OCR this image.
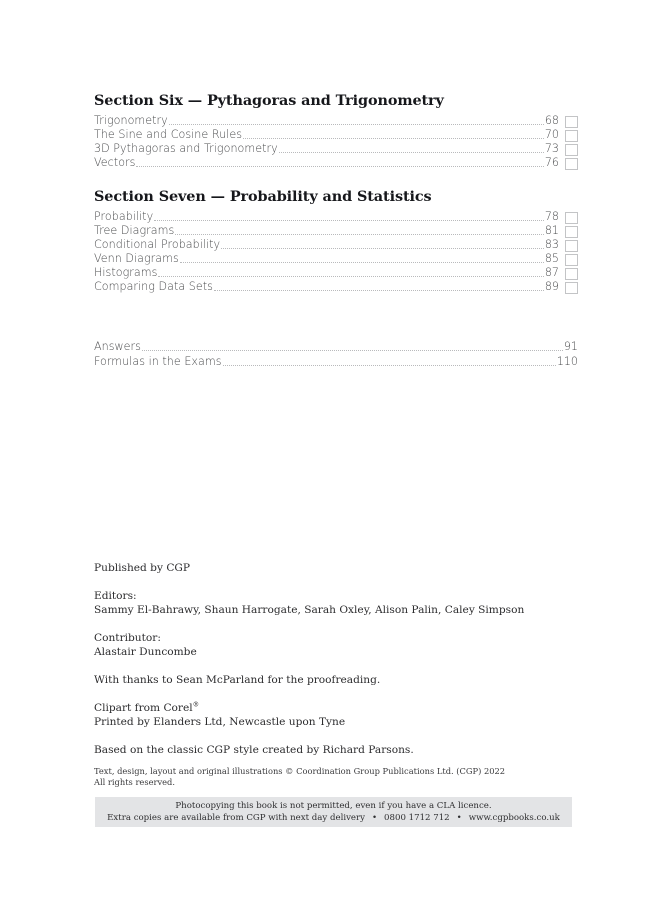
Section Six — Pythagoras and Trigonometry
Trigonometry	68
The Sine and Cosine Rules	70
3D Pythagoras and Trigonometry	73
Vectors	76
Section Seven — Probability and Statistics
Probability	78
Tree Diagrams	81
Conditional Probability	83
Venn Diagrams	85
Histograms	87
Comparing Data Sets	89
Answers	91
Formulas in the Exams	110

Published by CGP

Editors:

Sammy El-Bahrawy, Shaun Harrogate, Sarah Oxley, Alison Palin, Caley Simpson

Contributor:

Alastair Duncombe

With thanks to Sean McParland for the proofreading.

Clipart from Corel®

Printed by Elanders Ltd, Newcastle upon Tyne

Based on the classic CGP style created by Richard Parsons.

Text, design, layout and original illustrations © Coordination Group Publications Ltd. (CGP) 2022

All rights reserved.

Photocopying this book is not permitted, even if you have a CLA licence.

Extra copies are available from CGP with next day delivery • 0800 1712 712 • www.cgpbooks.co.uk
